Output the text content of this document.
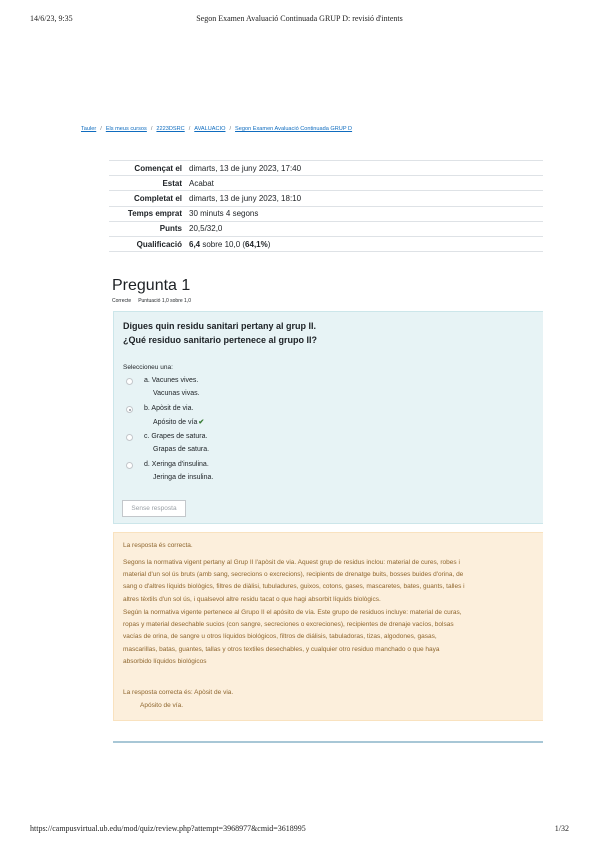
14/6/23, 9:35	Segon Examen Avaluació Continuada GRUP D: revisió d'intents
Tauler / Els meus cursos / 2223DSRC / AVALUACIO / Segon Examen Avaluació Continuada GRUP D
Començat el	dimarts, 13 de juny 2023, 17:40
Estat	Acabat
Completat el	dimarts, 13 de juny 2023, 18:10
Temps emprat	30 minuts 4 segons
Punts	20,5/32,0
Qualificació	6,4 sobre 10,0 (64,1%)
Pregunta 1
Correcte Puntuació 1,0 sobre 1,0
Digues quin residu sanitari pertany al grup II.
¿Qué residuo sanitario pertenece al grupo II?
Seleccioneu una:
a. Vacunes vives.
Vacunas vivas.
b. Apòsit de via.
Apósito de vía✔
c. Grapes de satura.
Grapas de satura.
d. Xeringa d'insulina.
Jeringa de insulina.
Sense resposta
La resposta és correcta.
Segons la normativa vigent pertany al Grup II l'apòsit de via. Aquest grup de residus inclou: material de cures, robes i
material d'un sol ús bruts (amb sang, secrecions o excrecions), recipients de drenatge buits, bosses buides d'orina, de
sang o d'altres líquids biològics, filtres de diàlisi, tubuladures, guixos, cotons, gases, mascaretes, bates, guants, talles i
altres tèxtils d'un sol ús, i qualsevol altre residu tacat o que hagi absorbit líquids biològics.
Según la normativa vigente pertenece al Grupo II el apósito de vía. Este grupo de residuos incluye: material de curas,
ropas y material desechable sucios (con sangre, secreciones o excreciones), recipientes de drenaje vacíos, bolsas
vacías de orina, de sangre u otros líquidos biológicos, filtros de diálisis, tabuladoras, tizas, algodones, gasas,
mascarillas, batas, guantes, tallas y otros textiles desechables, y cualquier otro residuo manchado o que haya
absorbido líquidos biológicos
La resposta correcta és: Apòsit de via.
Apósito de vía.
https://campusvirtual.ub.edu/mod/quiz/review.php?attempt=3968977&cmid=3618995	1/32
